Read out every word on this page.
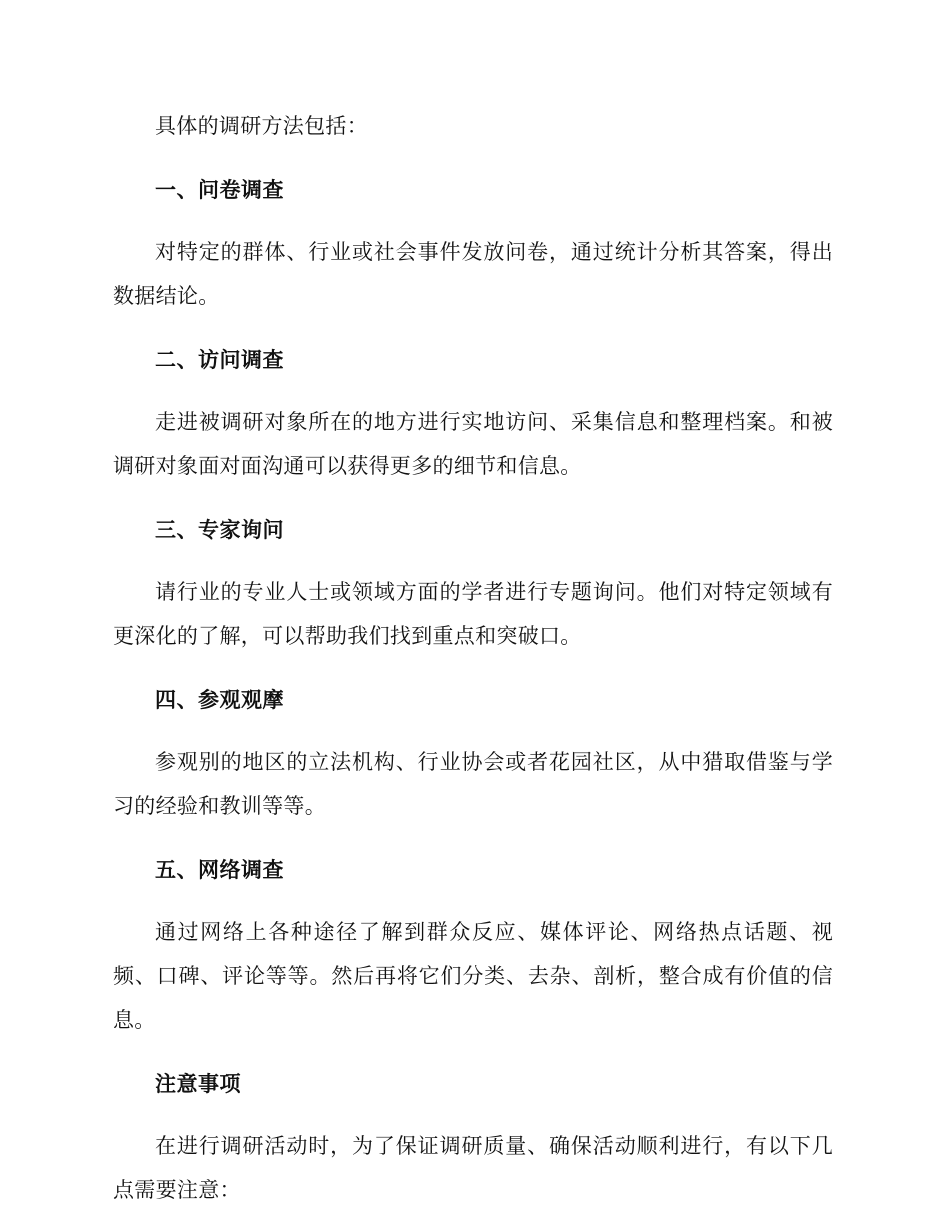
具体的调研方法包括：

一、问卷调查

对特定的群体、行业或社会事件发放问卷，通过统计分析其答案，得出数据结论。

二、访问调查

走进被调研对象所在的地方进行实地访问、采集信息和整理档案。和被调研对象面对面沟通可以获得更多的细节和信息。

三、专家询问

请行业的专业人士或领域方面的学者进行专题询问。他们对特定领域有更深化的了解，可以帮助我们找到重点和突破口。

四、参观观摩

参观别的地区的立法机构、行业协会或者花园社区，从中猎取借鉴与学习的经验和教训等等。

五、网络调查

通过网络上各种途径了解到群众反应、媒体评论、网络热点话题、视频、口碑、评论等等。然后再将它们分类、去杂、剖析，整合成有价值的信息。

注意事项

在进行调研活动时，为了保证调研质量、确保活动顺利进行，有以下几点需要注意：
